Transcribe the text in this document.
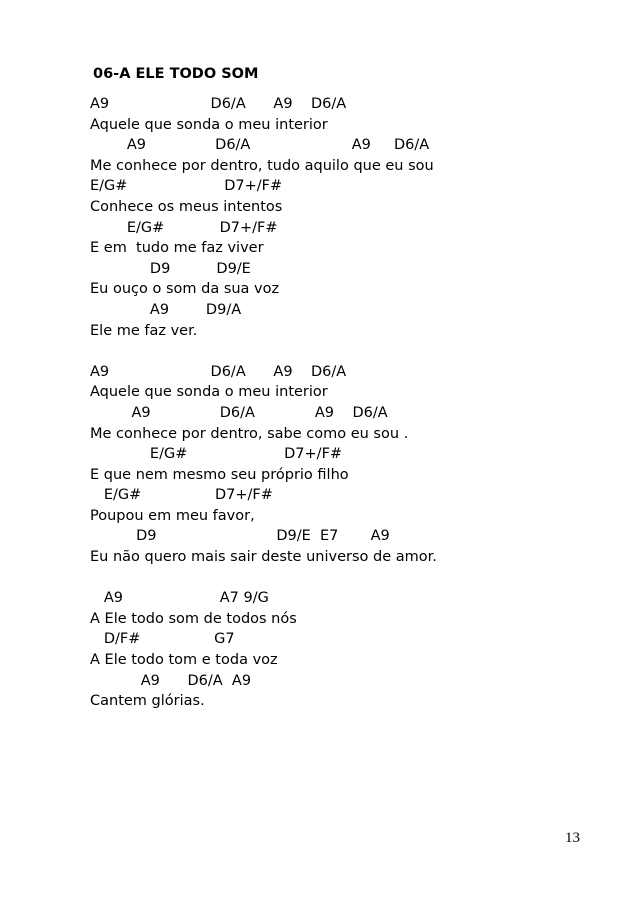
06-A ELE TODO SOM
A9                      D6/A      A9    D6/A
Aquele que sonda o meu interior
A9               D6/A                      A9     D6/A
Me conhece por dentro, tudo aquilo que eu sou
E/G#                     D7+/F#
Conhece os meus intentos
E/G#            D7+/F#
E em  tudo me faz viver
D9          D9/E
Eu ouço o som da sua voz
A9        D9/A
Ele me faz ver.
A9                      D6/A      A9    D6/A
Aquele que sonda o meu interior
A9               D6/A             A9    D6/A
Me conhece por dentro, sabe como eu sou .
E/G#                     D7+/F#
E que nem mesmo seu próprio filho
E/G#                D7+/F#
Poupou em meu favor,
D9                          D9/E  E7       A9
Eu não quero mais sair deste universo de amor.
A9                     A7 9/G
A Ele todo som de todos nós
D/F#                G7
A Ele todo tom e toda voz
A9      D6/A  A9
Cantem glórias.
13
